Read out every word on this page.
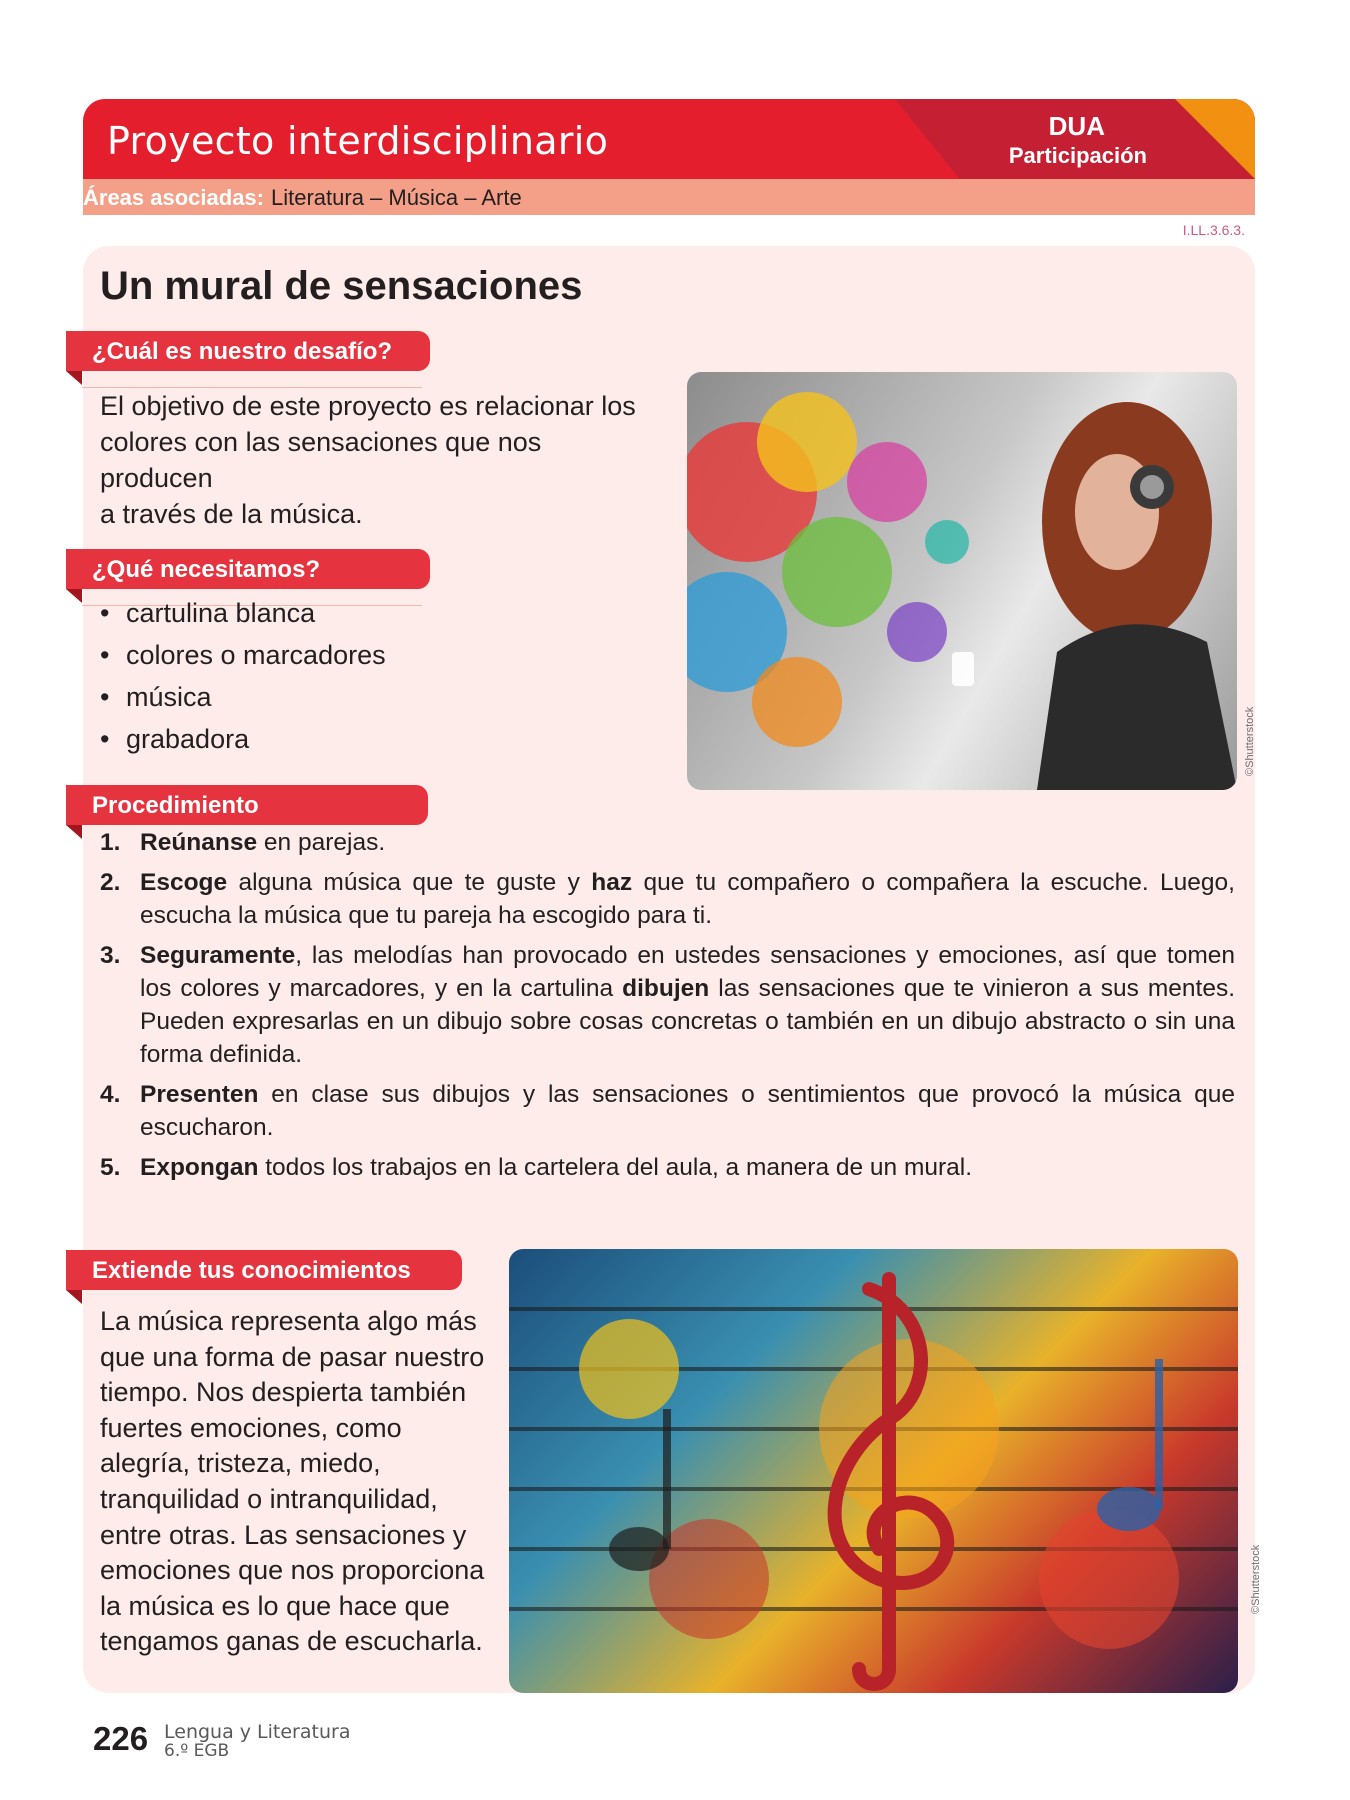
Proyecto interdisciplinario	DUA
Participación
Áreas asociadas: Literatura – Música – Arte
I.LL.3.6.3.
Un mural de sensaciones
¿Cuál es nuestro desafío?
El objetivo de este proyecto es relacionar los
colores con las sensaciones que nos producen
a través de la música.
¿Qué necesitamos?
• cartulina blanca
• colores o marcadores
• música
• grabadora	©Shutterstock
Procedimiento
1. Reúnanse en parejas.
2. Escoge alguna música que te guste y haz que tu compañero o compañera la escuche. Luego, escucha la música que tu pareja ha escogido para ti.
3. Seguramente, las melodías han provocado en ustedes sensaciones y emociones, así que tomen los colores y marcadores, y en la cartulina dibujen las sensaciones que te vinieron a sus mentes. Pueden expresarlas en un dibujo sobre cosas concretas o también en un dibujo abstracto o sin una forma definida.
4. Presenten en clase sus dibujos y las sensaciones o sentimientos que provocó la música que escucharon.
5. Expongan todos los trabajos en la cartelera del aula, a manera de un mural.
Extiende tus conocimientos
La música representa algo más
que una forma de pasar nuestro
tiempo. Nos despierta también
fuertes emociones, como
alegría, tristeza, miedo,
tranquilidad o intranquilidad,
entre otras. Las sensaciones y
emociones que nos proporciona
la música es lo que hace que
tengamos ganas de escucharla.
©Shutterstock
226 Lengua y Literatura
6.º EGB
